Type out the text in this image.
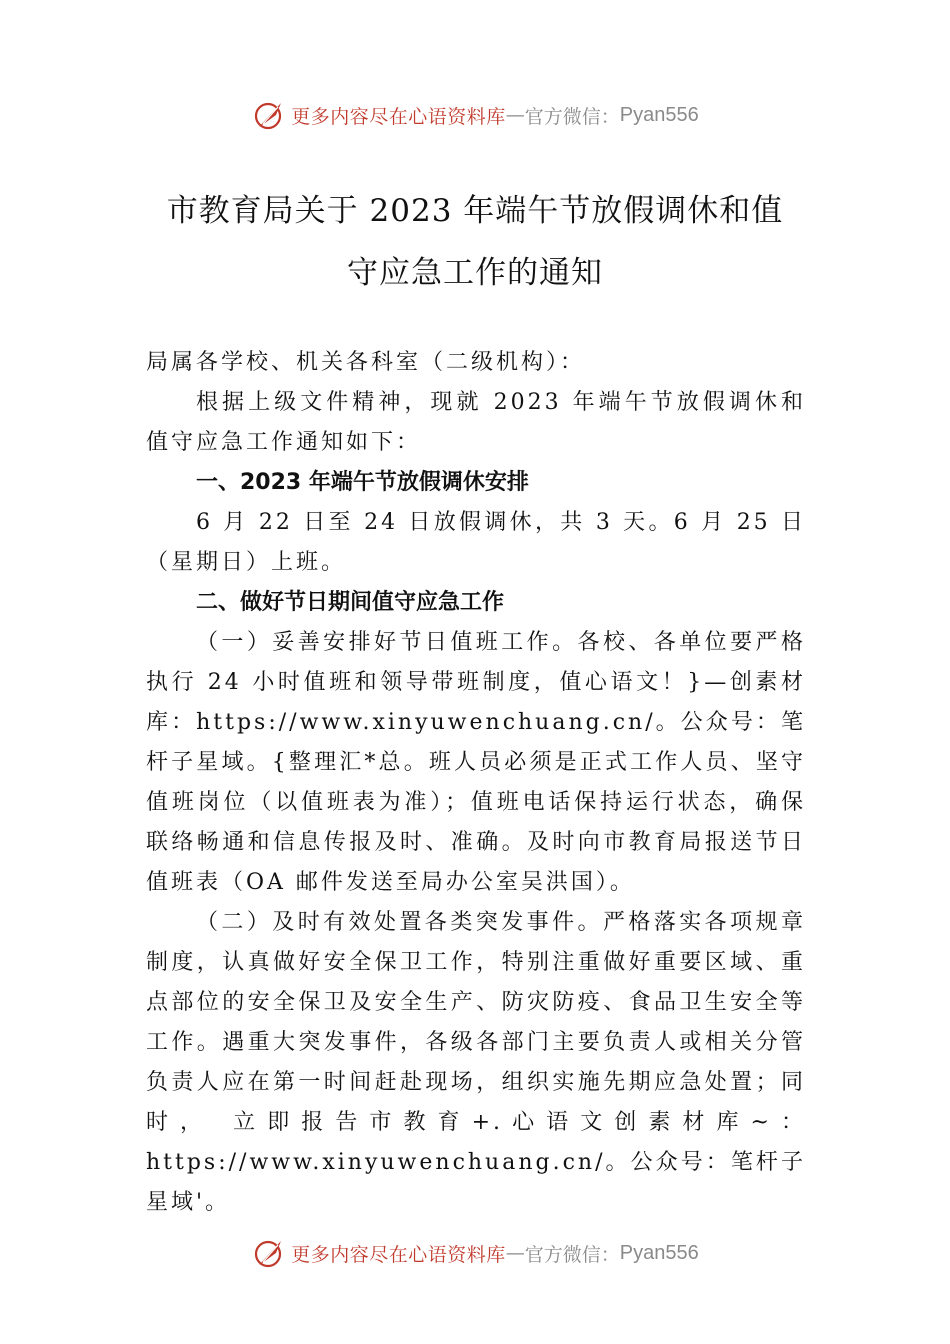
更多内容尽在心语资料库 — 官方微信： Pyan556
市教育局关于 2023 年端午节放假调休和值
守应急工作的通知

局属各学校、机关各科室（二级机构）：

根据上级文件精神，现就 2023 年端午节放假调休和值守应急工作通知如下：

一、2023 年端午节放假调休安排

6 月 22 日至 24 日放假调休，共 3 天。6 月 25 日（星期日）上班。

二、做好节日期间值守应急工作

（一）妥善安排好节日值班工作。各校、各单位要严格执行 24 小时值班和领导带班制度，值心语文！}—创素材库：https://www.xinyuwenchuang.cn/。公众号：笔杆子星域。{整理汇*总。班人员必须是正式工作人员、坚守值班岗位（以值班表为准）；值班电话保持运行状态，确保联络畅通和信息传报及时、准确。及时向市教育局报送节日值班表（OA 邮件发送至局办公室吴洪国）。

（二）及时有效处置各类突发事件。严格落实各项规章制度，认真做好安全保卫工作，特别注重做好重要区域、重点部位的安全保卫及安全生产、防灾防疫、食品卫生安全等工作。遇重大突发事件，各级各部门主要负责人或相关分管负责人应在第一时间赶赴现场，组织实施先期应急处置；同时， 立即报告市教育+.心语文创素材库~：https://www.xinyuwenchuang.cn/。公众号：笔杆子星域'。

更多内容尽在心语资料库 — 官方微信： Pyan556
